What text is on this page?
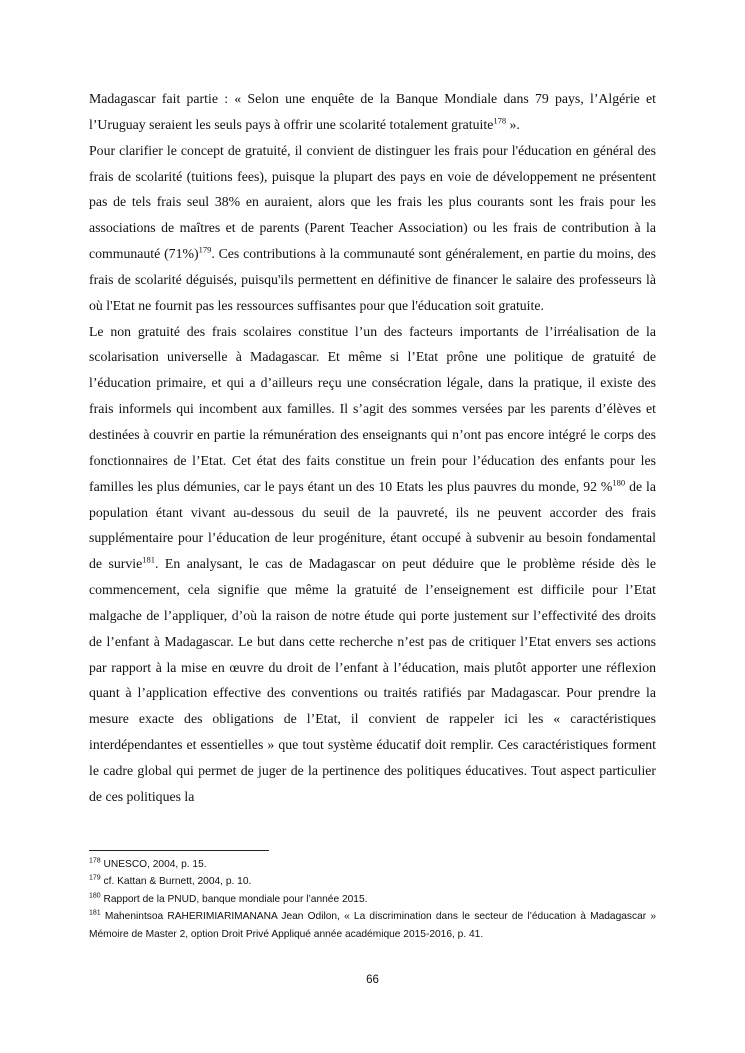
Madagascar fait partie : « Selon une enquête de la Banque Mondiale dans 79 pays, l’Algérie et l’Uruguay seraient les seuls pays à offrir une scolarité totalement gratuite$^{178}$ ».

Pour clarifier le concept de gratuité, il convient de distinguer les frais pour l'éducation en général des frais de scolarité (tuitions fees), puisque la plupart des pays en voie de développement ne présentent pas de tels frais seul 38% en auraient, alors que les frais les plus courants sont les frais pour les associations de maîtres et de parents (Parent Teacher Association) ou les frais de contribution à la communauté $(71\%)^{179}$. Ces contributions à la communauté sont généralement, en partie du moins, des frais de scolarité déguisés, puisqu'ils permettent en définitive de financer le salaire des professeurs là où l'Etat ne fournit pas les ressources suffisantes pour que l'éducation soit gratuite.

Le non gratuité des frais scolaires constitue l’un des facteurs importants de l’irréalisation de la scolarisation universelle à Madagascar. Et même si l’Etat prône une politique de gratuité de l’éducation primaire, et qui a d’ailleurs reçu une consécration légale, dans la pratique, il existe des frais informels qui incombent aux familles. Il s’agit des sommes versées par les parents d’élèves et destinées à couvrir en partie la rémunération des enseignants qui n’ont pas encore intégré le corps des fonctionnaires de l’Etat. Cet état des faits constitue un frein pour l’éducation des enfants pour les familles les plus démunies, car le pays étant un des 10 Etats les plus pauvres du monde, 92 %$^{180}$ de la population étant vivant au-dessous du seuil de la pauvreté, ils ne peuvent accorder des frais supplémentaire pour l’éducation de leur progéniture, étant occupé à subvenir au besoin fondamental de survie$^{181}$. En analysant, le cas de Madagascar on peut déduire que le problème réside dès le commencement, cela signifie que même la gratuité de l’enseignement est difficile pour l’Etat malgache de l’appliquer, d’où la raison de notre étude qui porte justement sur l’effectivité des droits de l’enfant à Madagascar. Le but dans cette recherche n’est pas de critiquer l’Etat envers ses actions par rapport à la mise en œuvre du droit de l’enfant à l’éducation, mais plutôt apporter une réflexion quant à l’application effective des conventions ou traités ratifiés par Madagascar. Pour prendre la mesure exacte des obligations de l’Etat, il convient de rappeler ici les « caractéristiques interdépendantes et essentielles » que tout système éducatif doit remplir. Ces caractéristiques forment le cadre global qui permet de juger de la pertinence des politiques éducatives. Tout aspect particulier de ces politiques la

$^{178}$ UNESCO, 2004, p. 15.

$^{179}$ cf. Kattan & Burnett, 2004, p. 10.

$^{180}$ Rapport de la PNUD, banque mondiale pour l’année 2015.

$^{181}$ Mahenintsoa RAHERIMIARIMANANA Jean Odilon, « La discrimination dans le secteur de l’éducation à Madagascar » Mémoire de Master 2, option Droit Privé Appliqué année académique 2015-2016, p. 41.

66
